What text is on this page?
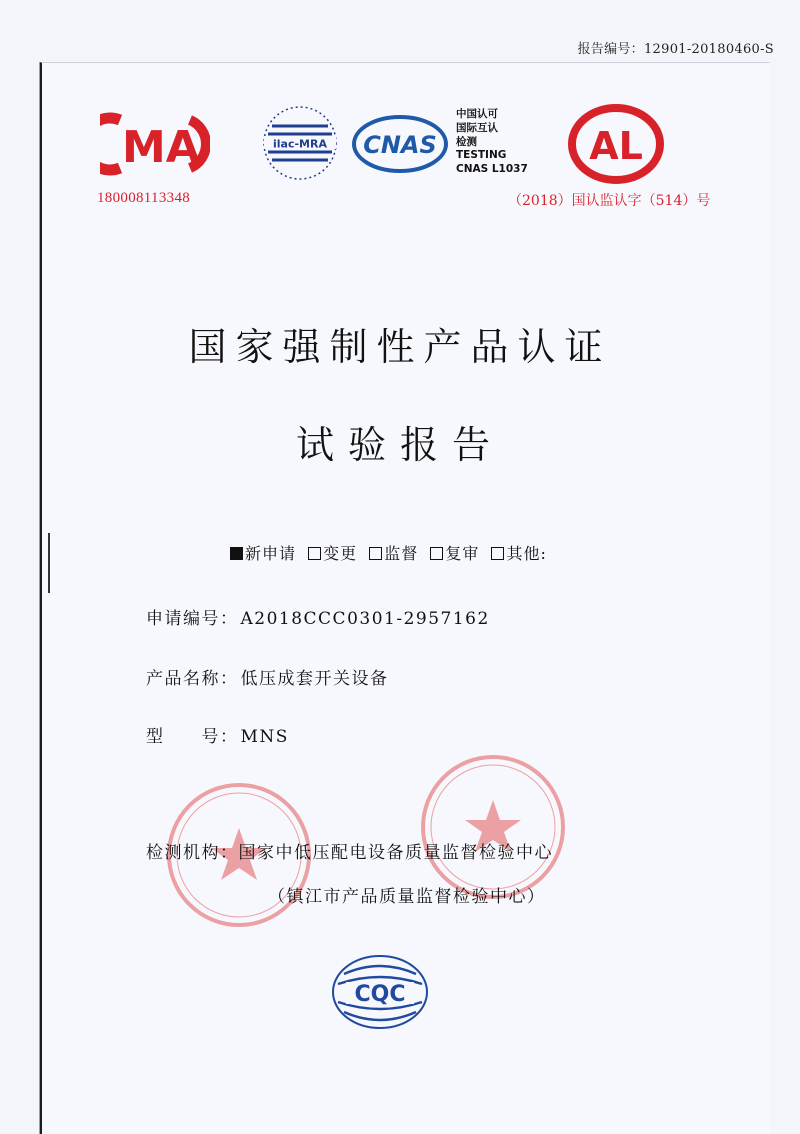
报告编号：12901-20180460-S
MA
180008113348
ilac-MRA CNAS
中国认可
国际互认
检测
TESTING
CNAS L1037
AL
（2018）国认监认字（514）号
国家强制性产品认证
试验报告
新申请 变更 监督 复审 其他:
申请编号： A2018CCC0301-2957162
产品名称： 低压成套开关设备
型　　号： MNS
检测机构：国家中低压配电设备质量监督检验中心
（镇江市产品质量监督检验中心）
CQC
